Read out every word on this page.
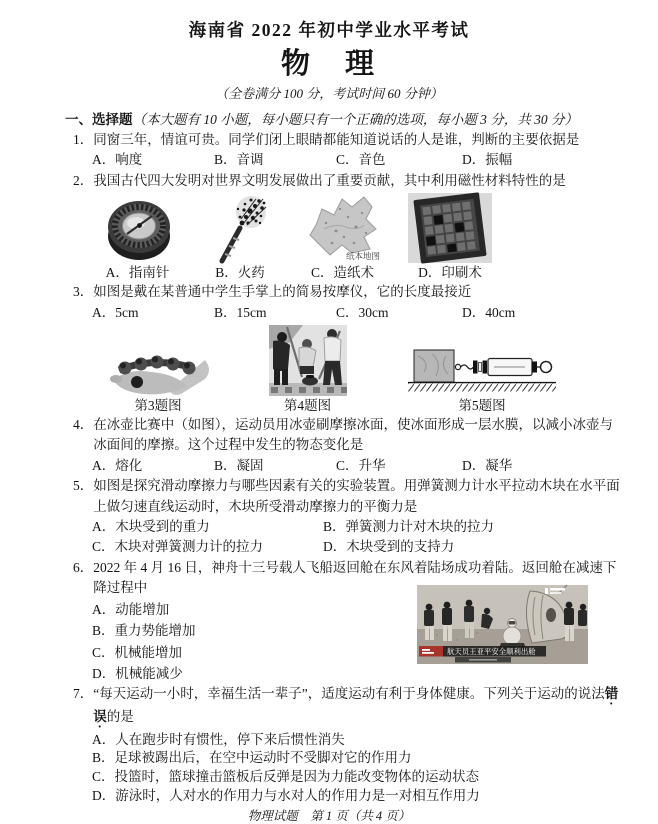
海南省 2022 年初中学业水平考试
物　理
（全卷满分 100 分，考试时间 60 分钟）
一、选择题（本大题有 10 小题，每小题只有一个正确的选项，每小题 3 分，共 30 分）
1． 同窗三年，情谊可贵。同学们闭上眼睛都能知道说话的人是谁，判断的主要依据是
A．响度	B．音调	C．音色	D．振幅
2． 我国古代四大发明对世界文明发展做出了重要贡献，其中利用磁性材料特性的是
A．指南针	B．火药
纸本地图
C．造纸术	D．印刷术
3． 如图是戴在某普通中学生手掌上的简易按摩仪，它的长度最接近
A．5cm	B．15cm	C．30cm	D．40cm
第3题图	第4题图	第5题图
4． 在冰壶比赛中（如图），运动员用冰壶刷摩擦冰面，使冰面形成一层水膜，以减小冰壶与冰面间的摩擦。这个过程中发生的物态变化是
A．熔化	B．凝固	C．升华	D．凝华
5． 如图是探究滑动摩擦力与哪些因素有关的实验装置。用弹簧测力计水平拉动木块在水平面上做匀速直线运动时，木块所受滑动摩擦力的平衡力是
A．木块受到的重力	B．弹簧测力计对木块的拉力
C．木块对弹簧测力计的拉力	D．木块受到的支持力
6． 2022 年 4 月 16 日，神舟十三号载人飞船返回舱在东风着陆场成功着陆。返回舱在减速下降过程中
A．动能增加
B．重力势能增加
C．机械能增加
D．机械能减少
航天员王亚平安全顺利出舱
7． “每天运动一小时，幸福生活一辈子”，适度运动有利于身体健康。下列关于运动的说法错误的是
A．人在跑步时有惯性，停下来后惯性消失
B．足球被踢出后，在空中运动时不受脚对它的作用力
C．投篮时，篮球撞击篮板后反弹是因为力能改变物体的运动状态
D．游泳时，人对水的作用力与水对人的作用力是一对相互作用力
物理试题　第 1 页（共 4 页）
